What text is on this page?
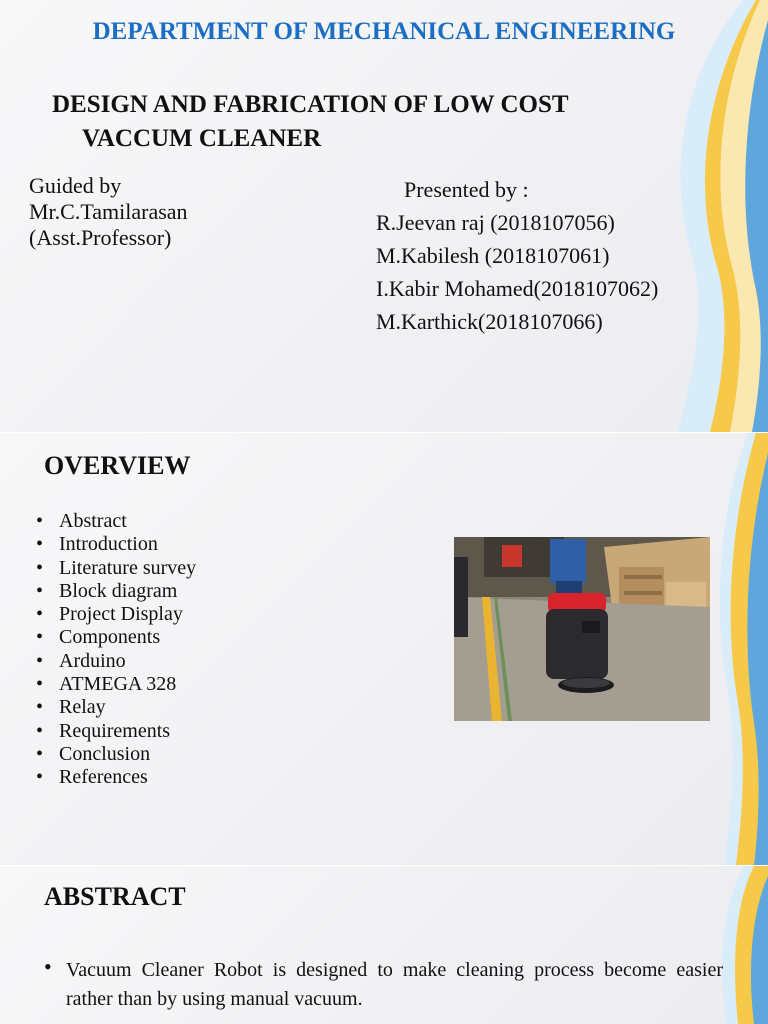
DEPARTMENT OF MECHANICAL ENGINEERING
DESIGN AND FABRICATION OF LOW COST
VACCUM CLEANER
Guided by
Mr.C.Tamilarasan
(Asst.Professor)
Presented by :
R.Jeevan raj (2018107056)
M.Kabilesh (2018107061)
I.Kabir Mohamed(2018107062)
M.Karthick(2018107066)
OVERVIEW
• Abstract
• Introduction
• Literature survey
• Block diagram
• Project Display
• Components
• Arduino
• ATMEGA 328
• Relay
• Requirements
• Conclusion
• References
ABSTRACT
• Vacuum Cleaner Robot is designed to make cleaning process become easier rather than by using manual vacuum.
